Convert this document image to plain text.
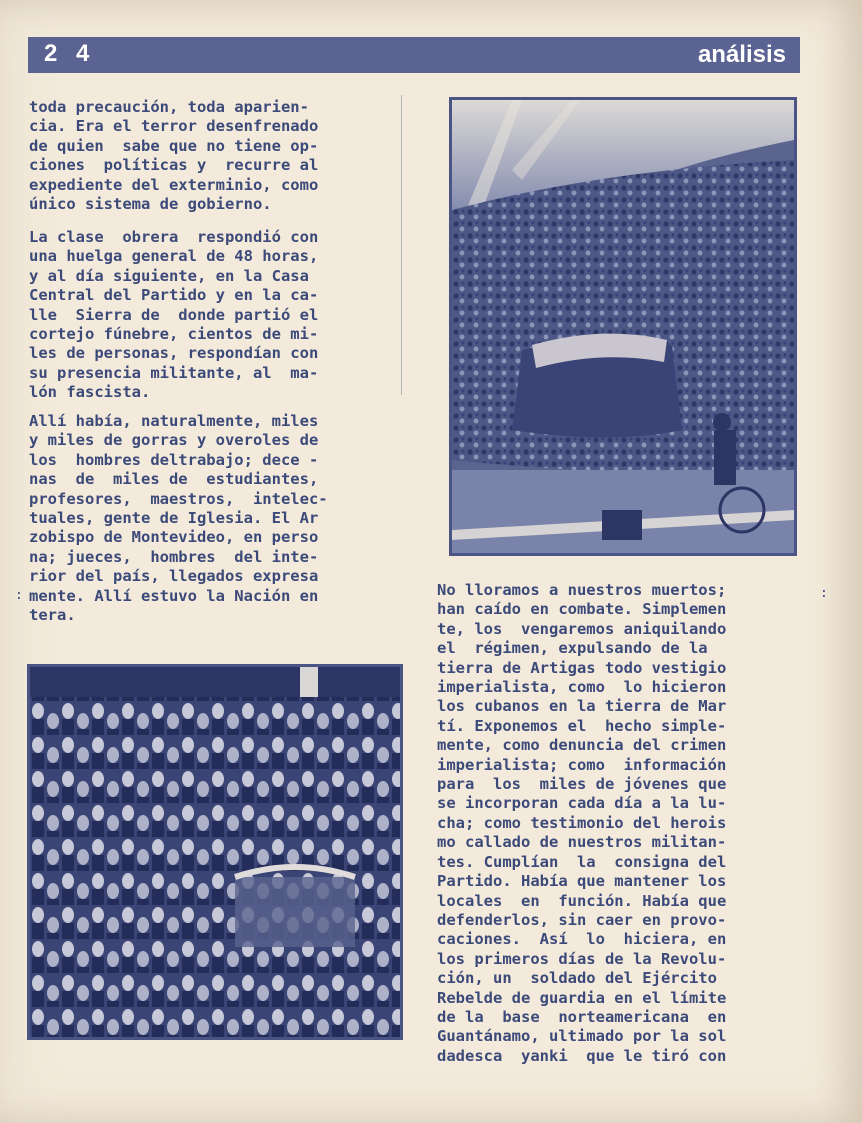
2 4	análisis
toda precaución, toda aparien-
cia. Era el terror desenfrenado
de quien  sabe que no tiene op-
ciones  políticas y  recurre al
expediente del exterminio, como
único sistema de gobierno.
La clase  obrera  respondió con
una huelga general de 48 horas,
y al día siguiente, en la Casa
Central del Partido y en la ca-
lle  Sierra de  donde partió el
cortejo fúnebre, cientos de mi-
les de personas, respondían con
su presencia militante, al  ma-
lón fascista.
Allí había, naturalmente, miles
y miles de gorras y overoles de
los  hombres deltrabajo; dece -
nas  de  miles de  estudiantes,
profesores,  maestros,  intelec-
tuales, gente de Iglesia. El Ar
zobispo de Montevideo, en perso
na; jueces,  hombres  del inte-
rior del país, llegados expresa
mente. Allí estuvo la Nación en
tera.
:	No lloramos a nuestros muertos;
han caído en combate. Simplemen
te, los  vengaremos aniquilando
el  régimen, expulsando de la
tierra de Artigas todo vestigio
imperialista, como  lo hicieron
los cubanos en la tierra de Mar
tí. Exponemos el  hecho simple-
mente, como denuncia del crimen
imperialista; como  información
para  los  miles de jóvenes que
se incorporan cada día a la lu-
cha; como testimonio del herois
mo callado de nuestros militan-
tes. Cumplían  la  consigna del
Partido. Había que mantener los
locales  en  función. Había que
defenderlos, sin caer en provo-
caciones.  Así  lo  hiciera, en
los primeros días de la Revolu-
ción, un  soldado del Ejército
Rebelde de guardia en el límite
de la  base  norteamericana  en
Guantánamo, ultimado por la sol
dadesca  yanki  que le tiró con
:
